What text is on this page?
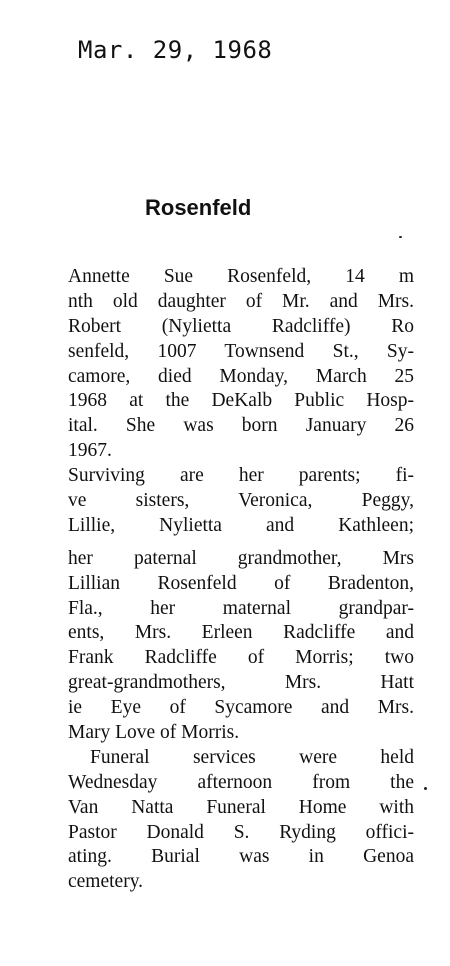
Mar. 29, 1968
Rosenfeld
Annette Sue Rosenfeld, 14 m
nth old daughter of Mr. and Mrs.
Robert (Nylietta Radcliffe) Ro
senfeld, 1007 Townsend St., Sy-
camore, died Monday, March 25
1968 at the DeKalb Public Hosp-
ital. She was born January 26
1967.
Surviving are her parents; fi-
ve sisters, Veronica, Peggy,
Lillie, Nylietta and Kathleen;
her paternal grandmother, Mrs
Lillian Rosenfeld of Bradenton,
Fla., her maternal grandpar-
ents, Mrs. Erleen Radcliffe and
Frank Radcliffe of Morris; two
great-grandmothers, Mrs. Hatt
ie Eye of Sycamore and Mrs.
Mary Love of Morris.
Funeral services were held
Wednesday afternoon from the
Van Natta Funeral Home with
Pastor Donald S. Ryding offici-
ating. Burial was in Genoa
cemetery.
